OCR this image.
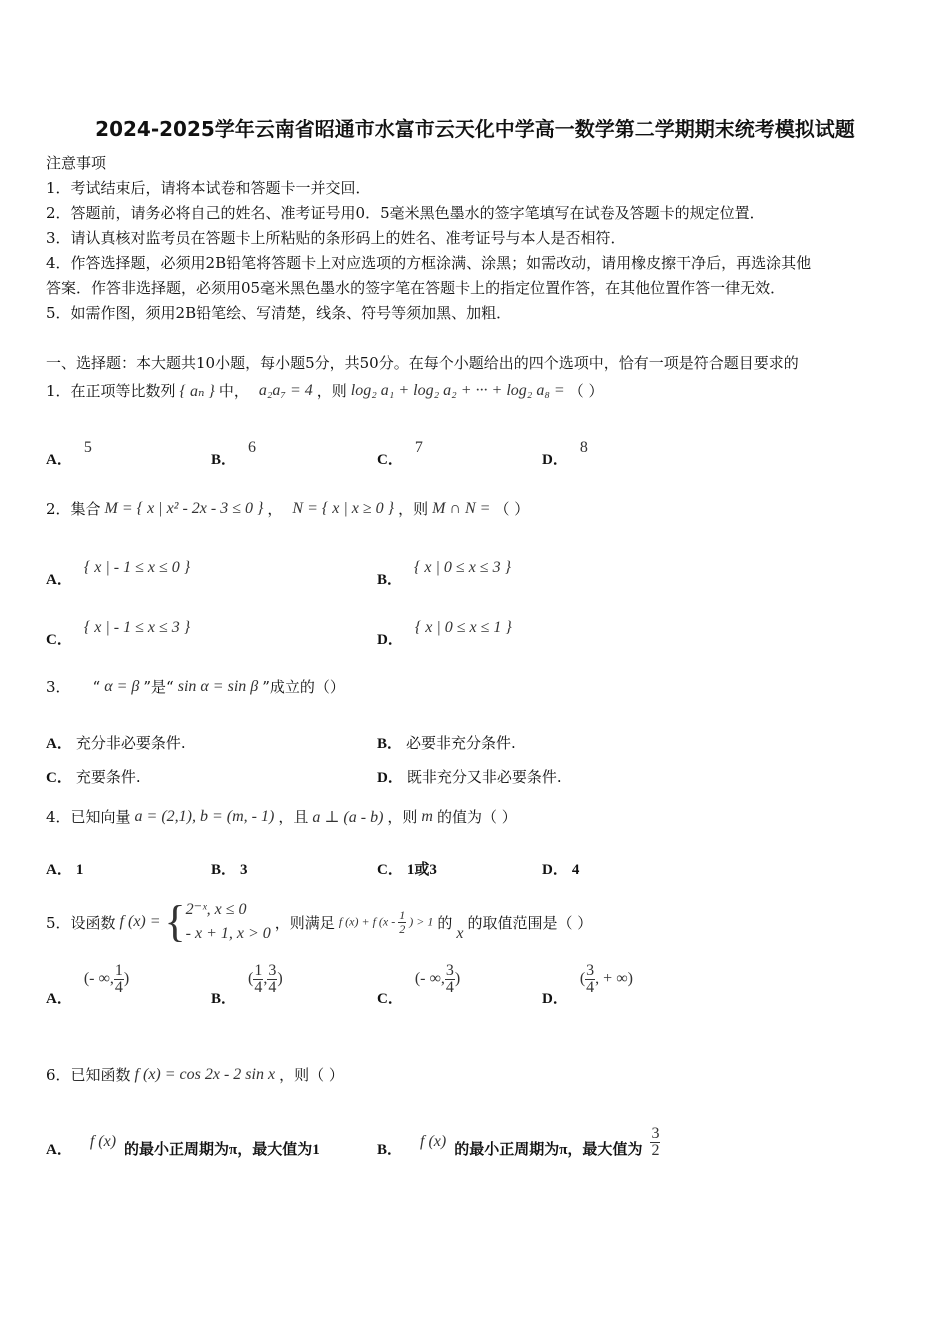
2024-2025学年云南省昭通市水富市云天化中学高一数学第二学期期末统考模拟试题
注意事项
1．考试结束后，请将本试卷和答题卡一并交回．
2．答题前，请务必将自己的姓名、准考证号用0．5毫米黑色墨水的签字笔填写在试卷及答题卡的规定位置．
3．请认真核对监考员在答题卡上所粘贴的条形码上的姓名、准考证号与本人是否相符．
4．作答选择题，必须用2B铅笔将答题卡上对应选项的方框涂满、涂黑；如需改动，请用橡皮擦干净后，再选涂其他
答案．作答非选择题，必须用05毫米黑色墨水的签字笔在答题卡上的指定位置作答，在其他位置作答一律无效．
5．如需作图，须用2B铅笔绘、写清楚，线条、符号等须加黑、加粗．
一、选择题：本大题共10小题，每小题5分，共50分。在每个小题给出的四个选项中，恰有一项是符合题目要求的
1．在正项等比数列 { aₙ } 中， a₂a₇ = 4 ，则 log₂ a₁ + log₂ a₂ + ··· + log₂ a₈ = （ ）
A．5
B．6
C．7
D．8
2．集合 M = { x | x² - 2x - 3 ≤ 0 } ， N = { x | x ≥ 0 } ，则 M ∩ N = （ ）
A．{ x | - 1 ≤ x ≤ 0 }
B．{ x | 0 ≤ x ≤ 3 }
C．{ x | - 1 ≤ x ≤ 3 }
D．{ x | 0 ≤ x ≤ 1 }
3． “ α = β ”是“ sin α = sin β ”成立的（）
A． 充分非必要条件.	B． 必要非充分条件.
C． 充要条件.	D． 既非充分又非必要条件.
4．已知向量 a = (2,1), b = (m, - 1) ，且 a ⊥ (a - b) ，则 m 的值为（ ）
A． 1	B． 3	C． 1或3	D． 4
5．设函数 f (x) = { 2⁻ˣ, x ≤ 0
- x + 1, x > 0
，则满足 f (x) + f ($x - \frac{1}{2}$ ) > 1 的
x
的取值范围是（ ）
A．
(- ∞, $\frac{1}{4}$ )
B．
( $\frac{1}{4}$ , $\frac{3}{4}$ )
C．
(- ∞, $\frac{3}{4}$ )
D．
( $\frac{3}{4}$ , + ∞)
6．已知函数 f (x) = cos 2x - 2 sin x ，则（ ）
A． f (x) 的最小正周期为π，最大值为1	B． f (x) 的最小正周期为π，最大值为 $\frac{3}{2}$
